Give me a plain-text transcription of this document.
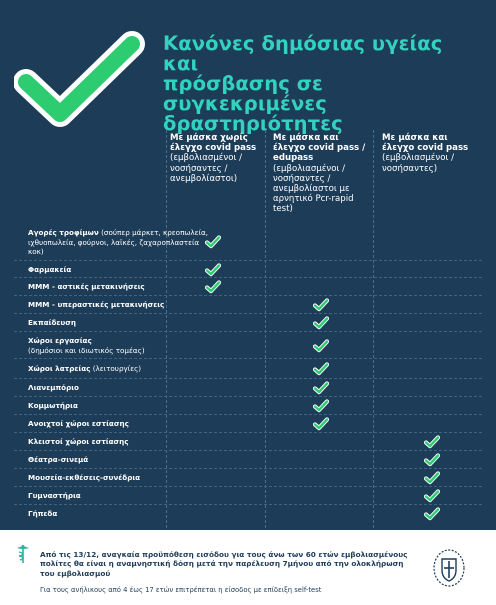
Κανόνες δημόσιας υγείας και
πρόσβασης σε συγκεκριμένες
δραστηριότητες
Με μάσκα χωρίς έλεγχο covid pass (εμβολιασμένοι / νοσήσαντες / ανεμβολίαστοι)
Με μάσκα και έλεγχο covid pass / edupass (εμβολιασμένοι / νοσήσαντες / ανεμβολίαστοι με αρνητικό Pcr-rapid test)
Με μάσκα και έλεγχο covid pass (εμβολιασμένοι /νοσήσαντες)
Αγορές τροφίμων (σούπερ μάρκετ, κρεοπωλεία, ιχθυοπωλεία, φούρνοι, λαϊκές, ζαχαροπλαστεία κοκ)
Φαρμακεία
ΜΜΜ - αστικές μετακινήσεις
ΜΜΜ - υπεραστικές μετακινήσεις
Εκπαίδευση
Χώροι εργασίας
(δημόσιοι και ιδιωτικός τομέας)
Χώροι λατρείας (λειτουργίες)
Λιανεμπόριο
Κομμωτήρια
Ανοιχτοί χώροι εστίασης
Κλειστοί χώροι εστίασης
Θέατρα-σινεμά
Μουσεία-εκθέσεις-συνέδρια
Γυμναστήρια
Γήπεδα
Από τις 13/12, αναγκαία προϋπόθεση εισόδου για τους άνω των 60 ετών εμβολιασμένους πολίτες θα είναι η αναμνηστική δόση μετά την παρέλευση 7μήνου από την ολοκλήρωση του εμβολιασμού
Για τους ανήλικους από 4 έως 17 ετών επιτρέπεται η είσοδος με επίδειξη self-test
